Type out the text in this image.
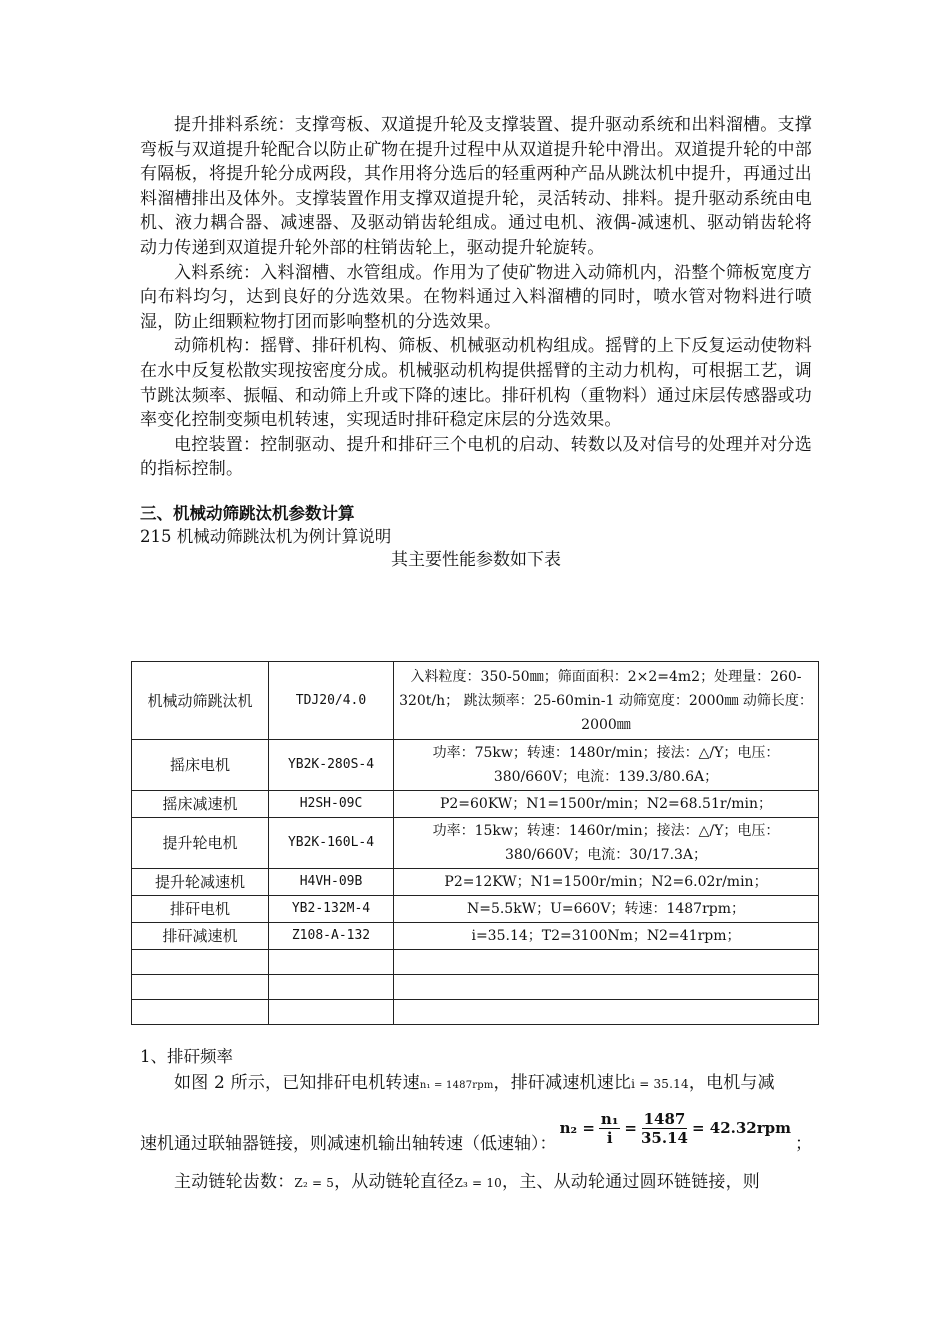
提升排料系统：支撑弯板、双道提升轮及支撑装置、提升驱动系统和出料溜槽。支撑弯板与双道提升轮配合以防止矿物在提升过程中从双道提升轮中滑出。双道提升轮的中部有隔板，将提升轮分成两段，其作用将分选后的轻重两种产品从跳汰机中提升，再通过出料溜槽排出及体外。支撑装置作用支撑双道提升轮，灵活转动、排料。提升驱动系统由电机、液力耦合器、减速器、及驱动销齿轮组成。通过电机、液偶-减速机、驱动销齿轮将动力传递到双道提升轮外部的柱销齿轮上，驱动提升轮旋转。

入料系统：入料溜槽、水管组成。作用为了使矿物进入动筛机内，沿整个筛板宽度方向布料均匀，达到良好的分选效果。在物料通过入料溜槽的同时，喷水管对物料进行喷湿，防止细颗粒物打团而影响整机的分选效果。

动筛机构：摇臂、排矸机构、筛板、机械驱动机构组成。摇臂的上下反复运动使物料在水中反复松散实现按密度分成。机械驱动机构提供摇臂的主动力机构，可根据工艺，调节跳汰频率、振幅、和动筛上升或下降的速比。排矸机构（重物料）通过床层传感器或功率变化控制变频电机转速，实现适时排矸稳定床层的分选效果。

电控装置：控制驱动、提升和排矸三个电机的启动、转数以及对信号的处理并对分选的指标控制。

三、机械动筛跳汰机参数计算

215 机械动筛跳汰机为例计算说明

其主要性能参数如下表

机械动筛跳汰机	TDJ20/4.0	入料粒度：350-50㎜；筛面面积：2×2=4m2；处理量：260-320t/h； 跳汰频率：25-60min-1 动筛宽度：2000㎜ 动筛长度：2000㎜
摇床电机	YB2K-280S-4	功率：75kw；转速：1480r/min；接法：△/Y；电压：380/660V；电流：139.3/80.6A；
摇床减速机	H2SH-09C	P2=60KW；N1=1500r/min；N2=68.51r/min；
提升轮电机	YB2K-160L-4	功率：15kw；转速：1460r/min；接法：△/Y；电压：380/660V；电流：30/17.3A；
提升轮减速机	H4VH-09B	P2=12KW；N1=1500r/min；N2=6.02r/min；
排矸电机	YB2-132M-4	N=5.5kW；U=660V；转速：1487rpm；
排矸减速机	Z108-A-132	i=35.14；T2=3100Nm；N2=41rpm；

1、排矸频率

如图 2 所示，已知排矸电机转速n₁ = 1487rpm，排矸减速机速比i = 35.14，电机与减

速机通过联轴器链接，则减速机输出轴转速（低速轴）：
$n_2 = \frac{\text{n₁}}{i} = \frac{1487}{35.14} = 42.32rpm$
；

主动链轮齿数：Z₂ = 5，从动链轮直径Z₃ = 10，主、从动轮通过圆环链链接，则
